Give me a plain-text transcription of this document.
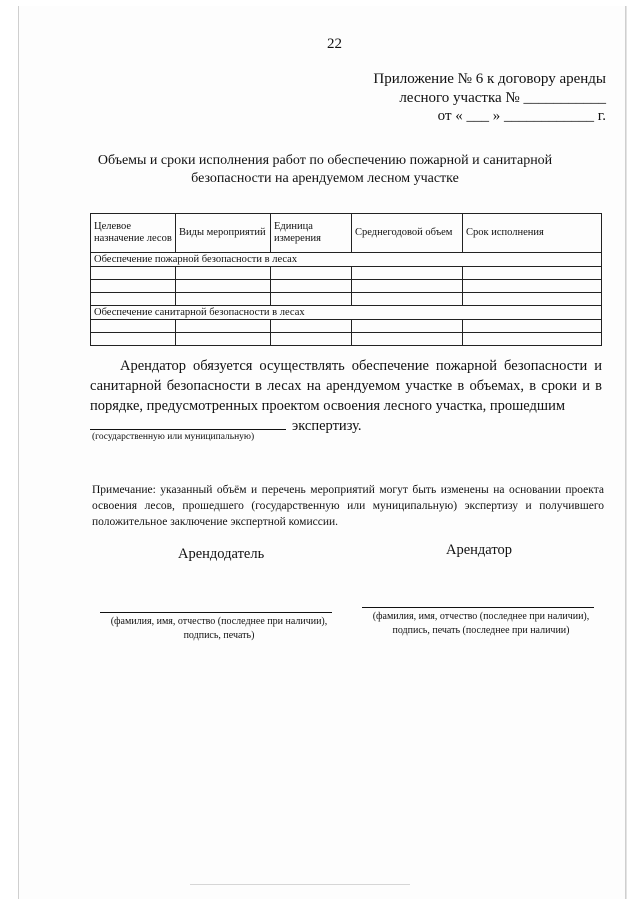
22
Приложение № 6 к договору аренды
лесного участка № ___________
от « ___ » ____________ г.
Объемы и сроки исполнения работ по обеспечению пожарной и санитарной безопасности на арендуемом лесном участке
Целевое назначение лесов	Виды мероприятий	Единица измерения	Среднегодовой объем	Срок исполнения
Обеспечение пожарной безопасности в лесах				

Обеспечение санитарной безопасности в лесах				

Арендатор обязуется осуществлять обеспечение пожарной безопасности и санитарной безопасности в лесах на арендуемом участке в объемах, в сроки и в порядке, предусмотренных проектом освоения лесного участка, прошедшим
экспертизу.
(государственную или муниципальную)
Примечание: указанный объём и перечень мероприятий могут быть изменены на основании проекта освоения лесов, прошедшего (государственную или муниципальную) экспертизу и получившего положительное заключение экспертной комиссии.
Арендодатель	Арендатор
(фамилия, имя, отчество (последнее при наличии), подпись, печать)
(фамилия, имя, отчество (последнее при наличии), подпись, печать (последнее при наличии)
